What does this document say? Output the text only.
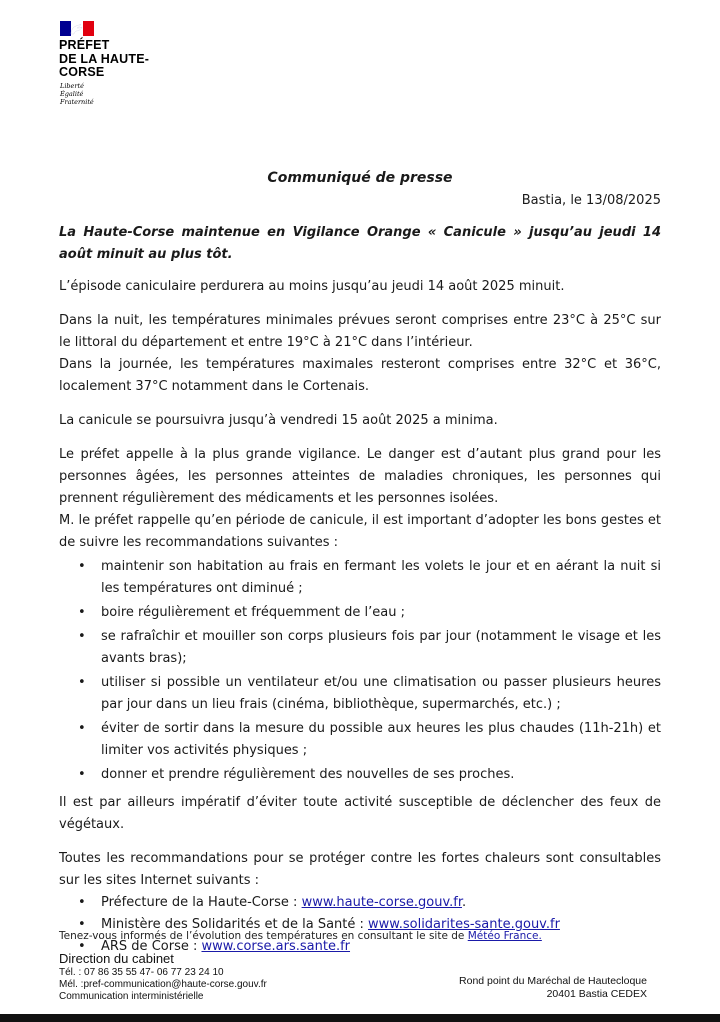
PRÉFET
DE LA HAUTE-
CORSE
Liberté
Égalité
Fraternité
Communiqué de presse
Bastia, le 13/08/2025

La Haute-Corse maintenue en Vigilance Orange « Canicule » jusqu’au jeudi 14 août minuit au plus tôt.

L’épisode caniculaire perdurera au moins jusqu’au jeudi 14 août 2025 minuit.

Dans la nuit, les températures minimales prévues seront comprises entre 23°C à 25°C sur le littoral du département et entre 19°C à 21°C dans l’intérieur.

Dans la journée, les températures maximales resteront comprises entre 32°C et 36°C, localement 37°C notamment dans le Cortenais.

La canicule se poursuivra jusqu’à vendredi 15 août 2025 a minima.

Le préfet appelle à la plus grande vigilance. Le danger est d’autant plus grand pour les personnes âgées, les personnes atteintes de maladies chroniques, les personnes qui prennent régulièrement des médicaments et les personnes isolées.

M. le préfet rappelle qu’en période de canicule, il est important d’adopter les bons gestes et de suivre les recommandations suivantes :

• maintenir son habitation au frais en fermant les volets le jour et en aérant la nuit si les températures ont diminué ;
• boire régulièrement et fréquemment de l’eau ;
• se rafraîchir et mouiller son corps plusieurs fois par jour (notamment le visage et les avants bras);
• utiliser si possible un ventilateur et/ou une climatisation ou passer plusieurs heures par jour dans un lieu frais (cinéma, bibliothèque, supermarchés, etc.) ;
• éviter de sortir dans la mesure du possible aux heures les plus chaudes (11h-21h) et limiter vos activités physiques ;
• donner et prendre régulièrement des nouvelles de ses proches.

Il est par ailleurs impératif d’éviter toute activité susceptible de déclencher des feux de végétaux.

Toutes les recommandations pour se protéger contre les fortes chaleurs sont consultables sur les sites Internet suivants :

• Préfecture de la Haute-Corse : www.haute-corse.gouv.fr.
• Ministère des Solidarités et de la Santé : www.solidarites-sante.gouv.fr
• ARS de Corse : www.corse.ars.sante.fr
Tenez-vous informés de l’évolution des températures en consultant le site de Météo France.
Direction du cabinet
Tél. : 07 86 35 55 47- 06 77 23 24 10
Mél. :pref-communication@haute-corse.gouv.fr
Communication interministérielle
Rond point du Maréchal de Hautecloque
20401 Bastia CEDEX
